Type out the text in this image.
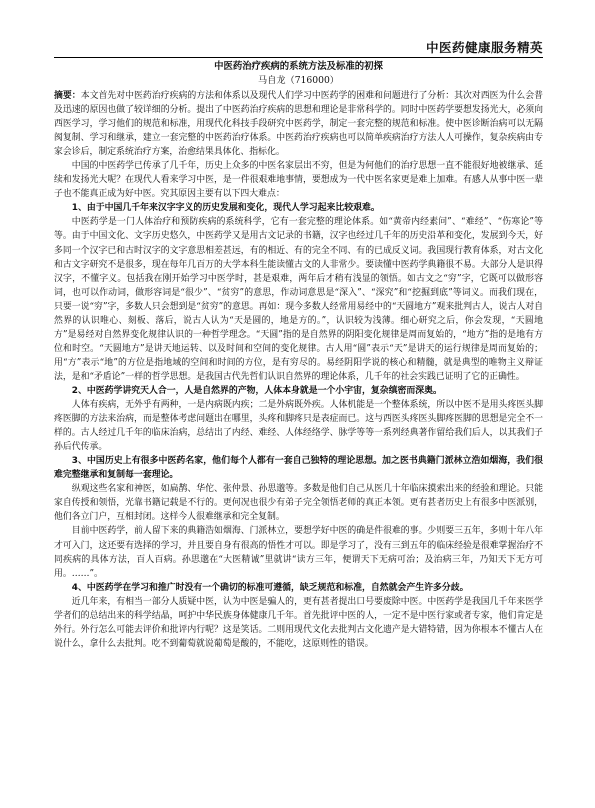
中医药健康服务精英
中医药治疗疾病的系统方法及标准的初探
马自龙（716000）

摘要：本文首先对中医药治疗疾病的方法和体系以及现代人们学习中医药学的困难和问题进行了分析：其次对西医为什么会普及迅速的原因也做了较详细的分析。提出了中医药治疗疾病的思想和理论是非常科学的。同时中医药学要想发扬光大，必须向西医学习，学习他们的规范和标准，用现代化科技手段研究中医药学，制定一套完整的规范和标准。使中医诊断治病可以无隔阂复制、学习和继承，建立一套完整的中医药治疗体系。中医药治疗疾病也可以简单疾病治疗方法人人可操作，复杂疾病由专家会诊后，制定系统治疗方案，治愈结果具体化、指标化。

中国的中医药学已传承了几千年，历史上众多的中医名家层出不穷，但是为何他们的治疗思想一直不能很好地被继承、延续和发扬光大呢？在现代人看来学习中医，是一件很艰难地事情，要想成为一代中医名家更是难上加难。有感人从事中医一辈子也不能真正成为好中医。究其原因主要有以下四大难点：

1、由于中国几千年来汉字字义的历史发展和变化，现代人学习起来比较艰难。

中医药学是一门人体治疗和预防疾病的系统科学，它有一套完整的理论体系。如“黄帝内经素问”、“难经”、“伤寒论”等等。由于中国文化、文字历史悠久，中医药学又是用古文记录的书籍，汉字也经过几千年的历史沿革和变化，发展到今天，好多同一个汉字已和古时汉字的文字意思相差甚远，有的相近、有的完全不同、有的已成反义词。我国现行教育体系，对古文化和古文字研究不是很多，现在每年几百万的大学本科生能读懂古文的人非常少。要读懂中医药学典籍很不易。大部分人是识得汉字，不懂字义。包括我在刚开始学习中医学时，甚是艰难，两年后才稍有浅显的领悟。如古文之“穷”字，它既可以做形容词，也可以作动词，做形容词是“很少”、“贫穷”的意思，作动词意思是“深入”、“深究”和“挖掘到底”等词义。而我们现在，只要一说“穷”字，多数人只会想到是“贫穷”的意思。再如：现今多数人经常用易经中的“天圆地方”观来批判古人，说古人对自然界的认识唯心、刻板、落后，说古人认为“天是圆的，地是方的。”，认识较为浅薄。细心研究之后，你会发现，“天圆地方”是易经对自然界变化规律认识的一种哲学理念。“天圆”指的是自然界的阴阳变化规律是周而复始的，“地方”指的是地有方位和时空。“天圆地方”是讲天地运转、以及时间和空间的变化规律。古人用“圆”表示“天”是讲天的运行规律是周而复始的；用“方”表示“地”的方位是指地域的空间和时间的方位，是有穷尽的。易经阴阳学说的核心和精髓，就是典型的唯物主义辩证法，是和“矛盾论”一样的哲学思想。是我国古代先哲们认识自然界的理论体系，几千年的社会实践已证明了它的正确性。

2、中医药学讲究天人合一，人是自然界的产物，人体本身就是一个小宇宙，复杂缜密而深奥。

人体有疾病，无外乎有两种，一是内病既内疾；二是外病既外疾。人体机能是一个整体系统，所以中医不是用头疼医头脚疼医脚的方法来治病，而是整体考虑问题出在哪里，头疼和脚疼只是表症而已。这与西医头疼医头脚疼医脚的思想是完全不一样的。古人经过几千年的临床治病，总结出了内经、难经、人体经络学、脉学等等一系列经典著作留给我们后人，以其我们子孙后代传承。

3、中国历史上有很多中医药名家，他们每个人都有一套自己独特的理论思想。加之医书典籍门派林立浩如烟海，我们很难完整继承和复制每一套理论。

纵观这些名家和神医，如扁鹊、华佗、张仲景、孙思邈等。多数是他们自己从医几十年临床摸索出来的经验和理论。只能家自传授和领悟，光靠书籍记载是不行的。更何况也很少有弟子完全领悟老师的真正本领。更有甚者历史上有很多中医派别，他们各立门户，互相封闭。这样今人很难继承和完全复制。

目前中医药学，前人留下来的典籍浩如烟海、门派林立，要想学好中医的确是件很难的事。少则要三五年，多则十年八年才可入门，这还要有选择的学习，并且要自身有很高的悟性才可以。即是学习了，没有三到五年的临床经验是很难掌握治疗不同疾病的具体方法，百人百病。孙思邈在“大医精诚”里就讲“读方三年，便谓天下无病可治；及治病三年，乃知天下无方可用。……”。

4、中医药学在学习和推广时没有一个确切的标准可遵循，缺乏规范和标准，自然就会产生许多分歧。

近几年来，有相当一部分人质疑中医，认为中医是骗人的，更有甚者提出口号要废除中医。中医药学是我国几千年来医学学者们的总结出来的科学结晶，呵护中华民族身体健康几千年。首先批评中医的人，一定不是中医行家或者专家，他们肯定是外行。外行怎么可能去评价和批评内行呢？这是笑话。二则用现代文化去批判古文化遗产是大错特错，因为你根本不懂古人在说什么，拿什么去批判。吃不到葡萄就说葡萄是酸的，不能吃，这原则性的错误。
